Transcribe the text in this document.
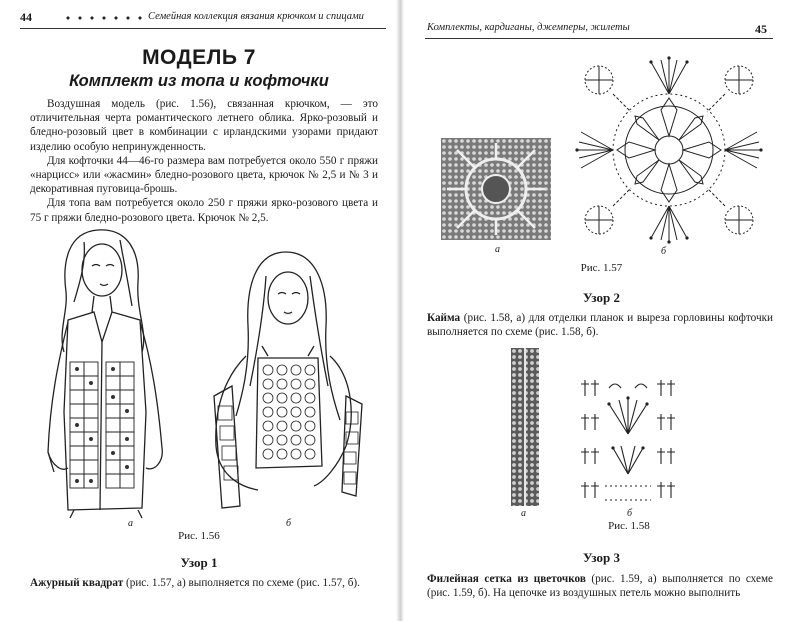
44	Семейная коллекция вязания крючком и спицами
МОДЕЛЬ 7
Комплект из топа и кофточки

Воздушная модель (рис. 1.56), связанная крючком, — это отличительная черта романтического летнего облика. Ярко-розовый и бледно-розовый цвет в комбинации с ирландскими узорами придают изделию особую непринужденность.

Для кофточки 44—46-го размера вам потребуется около 550 г пряжи «нарцисс» или «жасмин» бледно-розового цвета, крючок № 2,5 и № 3 и декоративная пуговица-брошь.

Для топа вам потребуется около 250 г пряжи ярко-розового цвета и 75 г пряжи бледно-розового цвета. Крючок № 2,5.

а	б
Рис. 1.56
Узор 1
Ажурный квадрат (рис. 1.57, а) выполняется по схеме (рис. 1.57, б).
Комплекты, кардиганы, джемперы, жилеты	45
а	б
Рис. 1.57
Узор 2
Кайма (рис. 1.58, а) для отделки планок и выреза горловины кофточки выполняется по схеме (рис. 1.58, б).
а	б
Рис. 1.58
Узор 3
Филейная сетка из цветочков (рис. 1.59, а) выполняется по схеме (рис. 1.59, б). На цепочке из воздушных петель можно выполнить
